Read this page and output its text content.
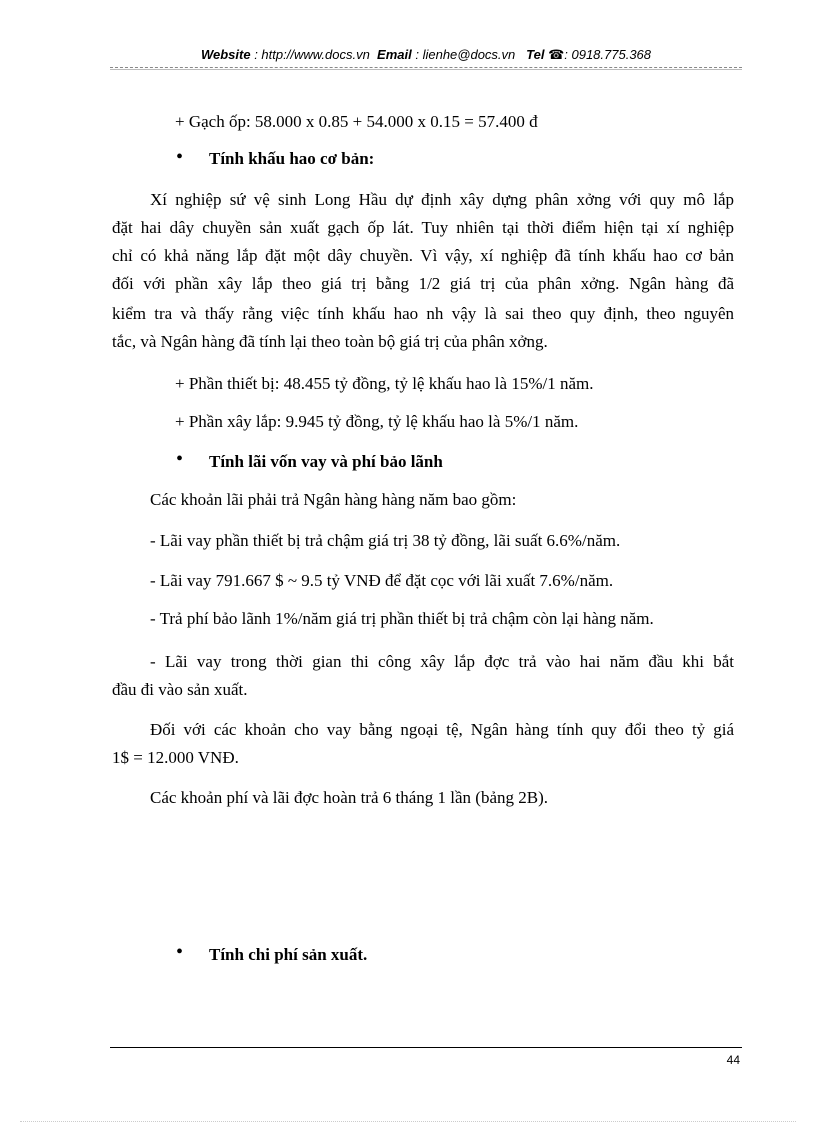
Website : http://www.docs.vn Email : lienhe@docs.vn Tel ☎: 0918.775.368
+ Gạch ốp: 58.000 x 0.85 + 54.000 x 0.15 = 57.400 đ
• Tính khấu hao cơ bản:
Xí nghiệp sứ vệ sinh Long Hầu dự định xây dựng phân xởng với quy mô lắp
đặt hai dây chuyền sản xuất gạch ốp lát. Tuy nhiên tại thời điểm hiện tại xí nghiệp
chỉ có khả năng lắp đặt một dây chuyền. Vì vậy, xí nghiệp đã tính khấu hao cơ bản
đối với phần xây lắp theo giá trị bằng 1/2 giá trị của phân xởng. Ngân hàng đã
kiểm tra và thấy rằng việc tính khấu hao nh vậy là sai theo quy định, theo nguyên
tắc, và Ngân hàng đã tính lại theo toàn bộ giá trị của phân xởng.
+ Phần thiết bị: 48.455 tỷ đồng, tỷ lệ khấu hao là 15%/1 năm.
+ Phần xây lắp: 9.945 tỷ đồng, tỷ lệ khấu hao là 5%/1 năm.
• Tính lãi vốn vay và phí bảo lãnh
Các khoản lãi phải trả Ngân hàng hàng năm bao gồm:
- Lãi vay phần thiết bị trả chậm giá trị 38 tỷ đồng, lãi suất 6.6%/năm.
- Lãi vay 791.667 $ ~ 9.5 tỷ VNĐ để đặt cọc với lãi xuất 7.6%/năm.
- Trả phí bảo lãnh 1%/năm giá trị phần thiết bị trả chậm còn lại hàng năm.
- Lãi vay trong thời gian thi công xây lắp đợc trả vào hai năm đầu khi bắt
đầu đi vào sản xuất.
Đối với các khoản cho vay bằng ngoại tệ, Ngân hàng tính quy đổi theo tỷ giá
1$ = 12.000 VNĐ.
Các khoản phí và lãi đợc hoàn trả 6 tháng 1 lần (bảng 2B).
• Tính chi phí sản xuất.
44
